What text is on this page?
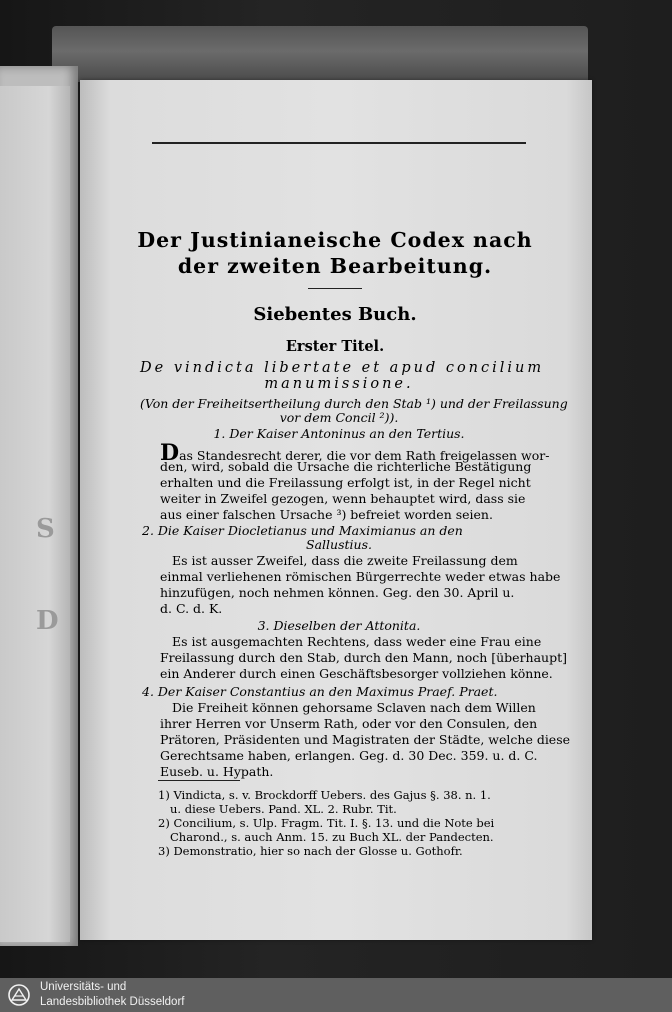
S
D

Der Justinianeische Codex nach

der zweiten Bearbeitung.

Siebentes Buch.

Erster Titel.

De vindicta libertate et apud concilium

manumissione.

(Von der Freiheitsertheilung durch den Stab ¹) und der Freilassung

vor dem Concil ²)).

1. Der Kaiser Antoninus an den Tertius.

Das Standesrecht derer, die vor dem Rath freigelassen wor-

den, wird, sobald die Ursache die richterliche Bestätigung

erhalten und die Freilassung erfolgt ist, in der Regel nicht

weiter in Zweifel gezogen, wenn behauptet wird, dass sie

aus einer falschen Ursache ³) befreiet worden seien.

2. Die Kaiser Diocletianus und Maximianus an den

Sallustius.

Es ist ausser Zweifel, dass die zweite Freilassung dem

einmal verliehenen römischen Bürgerrechte weder etwas habe

hinzufügen, noch nehmen können. Geg. den 30. April u.

d. C. d. K.

3. Dieselben der Attonita.

Es ist ausgemachten Rechtens, dass weder eine Frau eine

Freilassung durch den Stab, durch den Mann, noch [überhaupt]

ein Anderer durch einen Geschäftsbesorger vollziehen könne.

4. Der Kaiser Constantius an den Maximus Praef. Praet.

Die Freiheit können gehorsame Sclaven nach dem Willen

ihrer Herren vor Unserm Rath, oder vor den Consulen, den

Prätoren, Präsidenten und Magistraten der Städte, welche diese

Gerechtsame haben, erlangen. Geg. d. 30 Dec. 359. u. d. C.

Euseb. u. Hypath.

1) Vindicta, s. v. Brockdorff Uebers. des Gajus §. 38. n. 1.

u. diese Uebers. Pand. XL. 2. Rubr. Tit.

2) Concilium, s. Ulp. Fragm. Tit. I. §. 13. und die Note bei

Charond., s. auch Anm. 15. zu Buch XL. der Pandecten.

3) Demonstratio, hier so nach der Glosse u. Gothofr.

Universitäts- und
Landesbibliothek Düsseldorf
